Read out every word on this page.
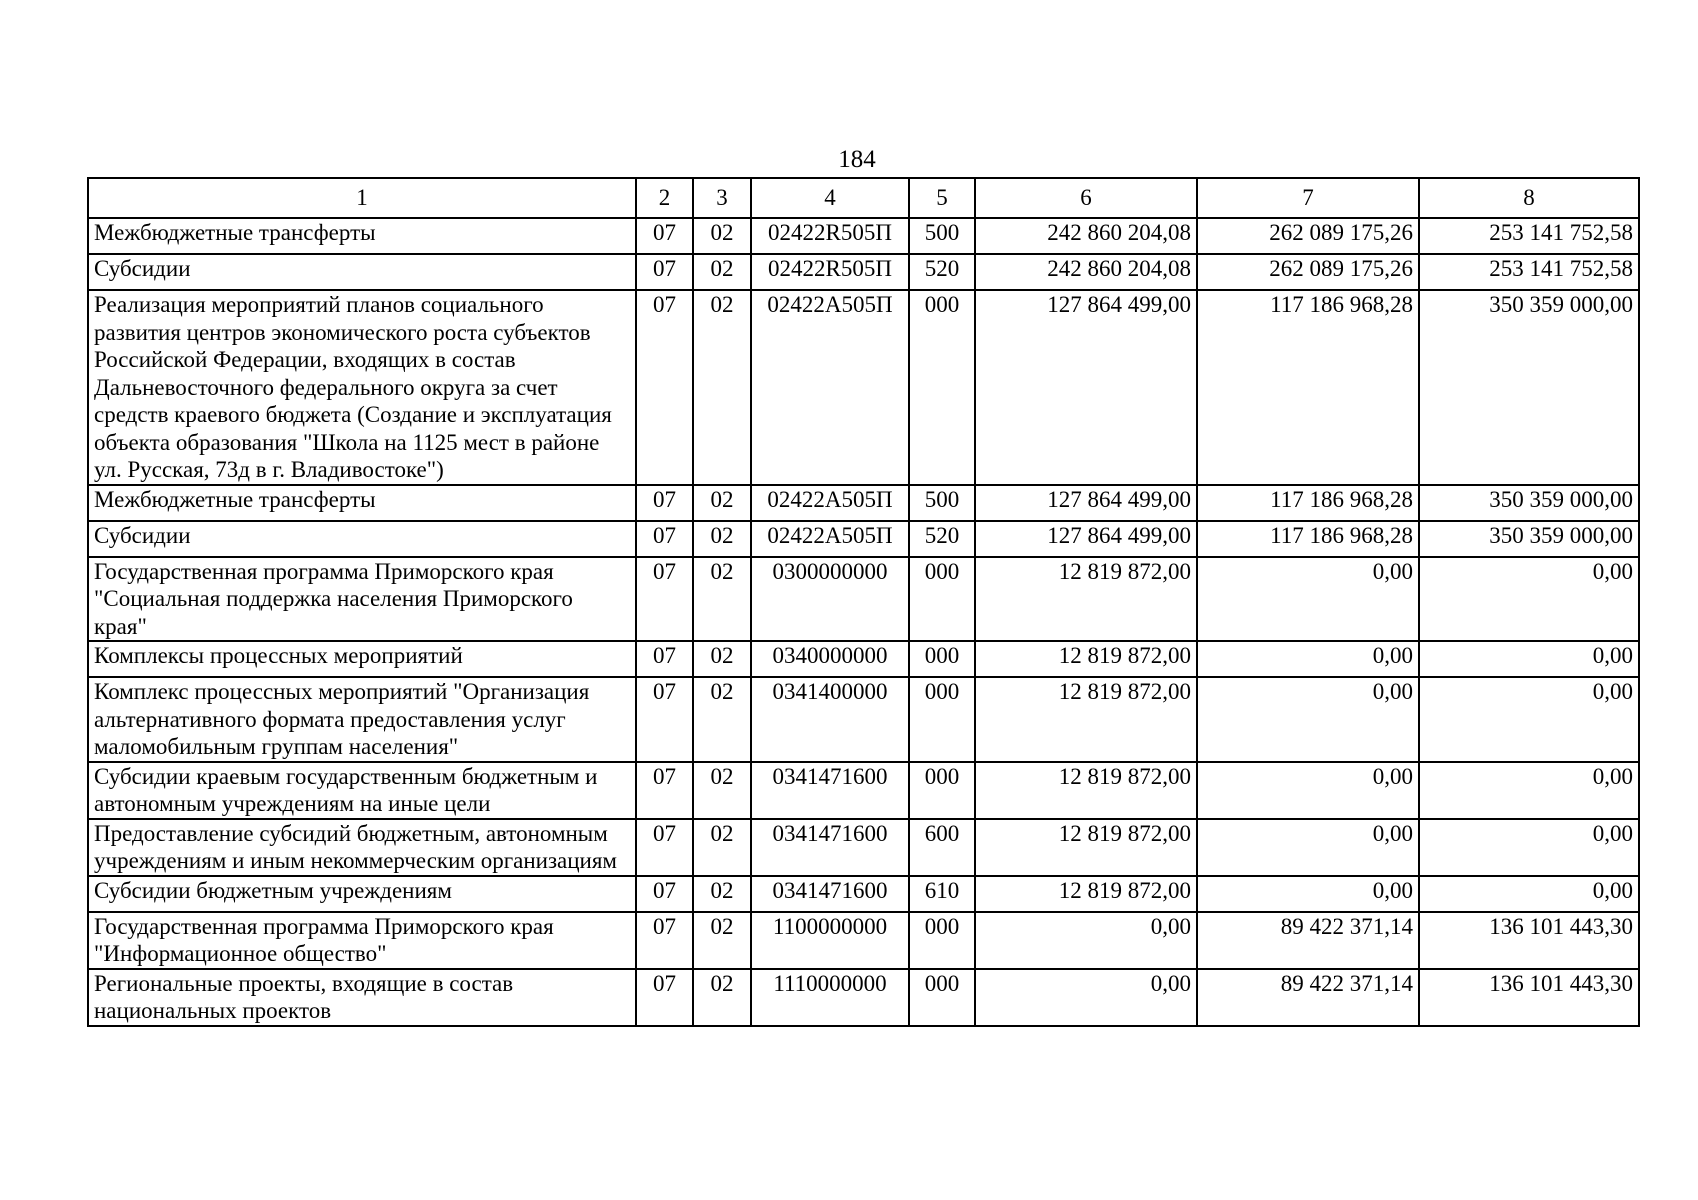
184
1	2	3	4	5	6	7	8
Межбюджетные трансферты	07	02	02422R505П	500	242 860 204,08	262 089 175,26	253 141 752,58
Субсидии	07	02	02422R505П	520	242 860 204,08	262 089 175,26	253 141 752,58
Реализация мероприятий планов социального развития центров экономического роста субъектов Российской Федерации, входящих в состав Дальневосточного федерального округа за счет средств краевого бюджета (Создание и эксплуатация объекта образования "Школа на 1125 мест в районе ул. Русская, 73д в г. Владивостоке")	07	02	02422А505П	000	127 864 499,00	117 186 968,28	350 359 000,00
Межбюджетные трансферты	07	02	02422А505П	500	127 864 499,00	117 186 968,28	350 359 000,00
Субсидии	07	02	02422А505П	520	127 864 499,00	117 186 968,28	350 359 000,00
Государственная программа Приморского края "Социальная поддержка населения Приморского края"	07	02	0300000000	000	12 819 872,00	0,00	0,00
Комплексы процессных мероприятий	07	02	0340000000	000	12 819 872,00	0,00	0,00
Комплекс процессных мероприятий "Организация альтернативного формата предоставления услуг маломобильным группам населения"	07	02	0341400000	000	12 819 872,00	0,00	0,00
Субсидии краевым государственным бюджетным и автономным учреждениям на иные цели	07	02	0341471600	000	12 819 872,00	0,00	0,00
Предоставление субсидий бюджетным, автономным учреждениям и иным некоммерческим организациям	07	02	0341471600	600	12 819 872,00	0,00	0,00
Субсидии бюджетным учреждениям	07	02	0341471600	610	12 819 872,00	0,00	0,00
Государственная программа Приморского края "Информационное общество"	07	02	1100000000	000	0,00	89 422 371,14	136 101 443,30
Региональные проекты, входящие в состав национальных проектов	07	02	1110000000	000	0,00	89 422 371,14	136 101 443,30
